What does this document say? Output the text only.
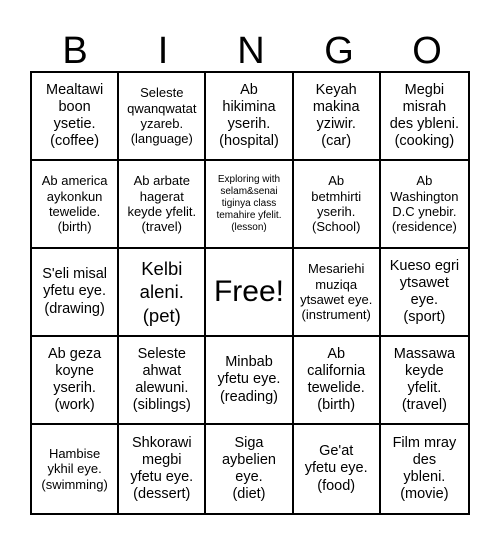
B	I	N	G	O
Mealtawi
boon
ysetie.
(coffee)
Seleste
qwanqwatat
yzareb.
(language)
Ab
hikimina
yserih.
(hospital)
Keyah
makina
yziwir.
(car)
Megbi
misrah
des ybleni.
(cooking)
Ab america
aykonkun
tewelide.
(birth)
Ab arbate
hagerat
keyde yfelit.
(travel)
Exploring with
selam&senai
tiginya class
temahire yfelit.
(lesson)
Ab
betmhirti
yserih.
(School)
Ab
Washington
D.C ynebir.
(residence)
S'eli misal
yfetu eye.
(drawing)
Kelbi
aleni.
(pet)
Free!
Mesariehi
muziqa
ytsawet eye.
(instrument)
Kueso egri
ytsawet
eye.
(sport)
Ab geza
koyne
yserih.
(work)
Seleste
ahwat
alewuni.
(siblings)
Minbab
yfetu eye.
(reading)
Ab
california
tewelide.
(birth)
Massawa
keyde
yfelit.
(travel)
Hambise
ykhil eye.
(swimming)
Shkorawi
megbi
yfetu eye.
(dessert)
Siga
aybelien
eye.
(diet)
Ge'at
yfetu eye.
(food)
Film mray
des
ybleni.
(movie)
